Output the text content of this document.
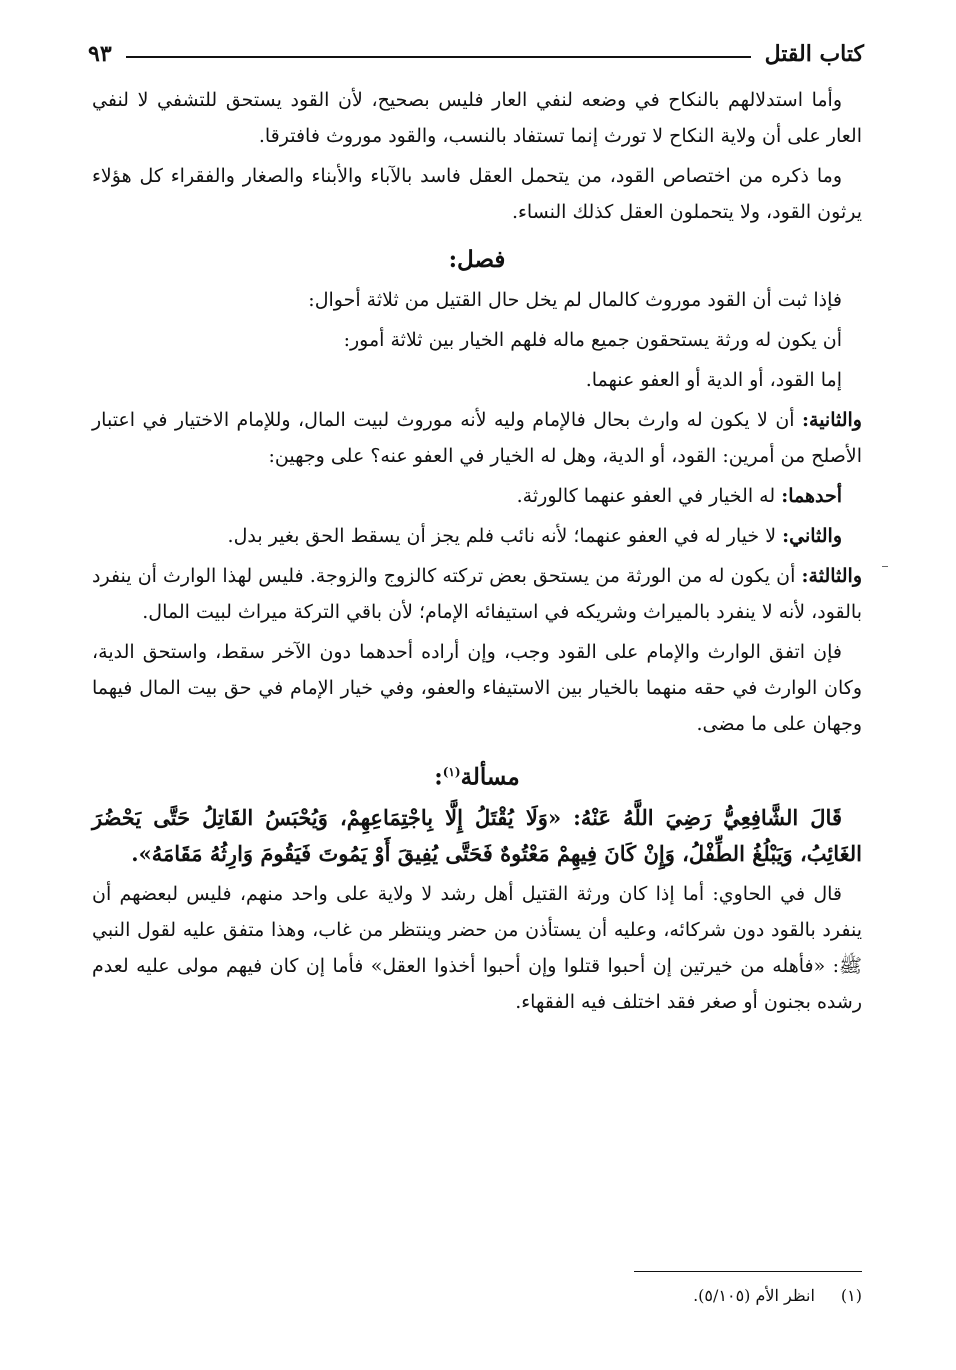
كتاب القتل
٩٣

وأما استدلالهم بالنكاح في وضعه لنفي العار فليس بصحيح، لأن القود يستحق للتشفي لا لنفي العار على أن ولاية النكاح لا تورث إنما تستفاد بالنسب، والقود موروث فافترقا.

وما ذكره من اختصاص القود، من يتحمل العقل فاسد بالآباء والأبناء والصغار والفقراء كل هؤلاء يرثون القود، ولا يتحملون العقل كذلك النساء.

فصل:

فإذا ثبت أن القود موروث كالمال لم يخل حال القتيل من ثلاثة أحوال:

أن يكون له ورثة يستحقون جميع ماله فلهم الخيار بين ثلاثة أمور:

إما القود، أو الدية أو العفو عنهما.

والثانية: أن لا يكون له وارث بحال فالإمام وليه لأنه موروث لبيت المال، وللإمام الاختيار في اعتبار الأصلح من أمرين: القود، أو الدية، وهل له الخيار في العفو عنه؟ على وجهين:

أحدهما: له الخيار في العفو عنهما كالورثة.

والثاني: لا خيار له في العفو عنهما؛ لأنه نائب فلم يجز أن يسقط الحق بغير بدل.

والثالثة: أن يكون له من الورثة من يستحق بعض تركته كالزوج والزوجة. فليس لهذا الوارث أن ينفرد بالقود، لأنه لا ينفرد بالميراث وشريكه في استيفائه الإمام؛ لأن باقي التركة ميراث لبيت المال.

فإن اتفق الوارث والإمام على القود وجب، وإن أراده أحدهما دون الآخر سقط، واستحق الدية، وكان الوارث في حقه منهما بالخيار بين الاستيفاء والعفو، وفي خيار الإمام في حق بيت المال فيهما وجهان على ما مضى.

مسألة$^{(١)}$:

قَالَ الشَّافِعِيُّ رَضِيَ اللَّهُ عَنْهُ: «وَلَا يُقْتَلُ إِلَّا بِاجْتِمَاعِهِمْ، وَيُحْبَسُ القَاتِلُ حَتَّى يَحْضُرَ الغَائِبُ، وَيَبْلُغُ الطِّفْلُ، وَإِنْ كَانَ فِيهِمْ مَعْتُوهٌ فَحَتَّى يُفِيقَ أَوْ يَمُوتَ فَيَقُومَ وَارِثُهُ مَقَامَهُ».

قال في الحاوي: أما إذا كان ورثة القتيل أهل رشد لا ولاية على واحد منهم، فليس لبعضهم أن ينفرد بالقود دون شركائه، وعليه أن يستأذن من حضر وينتظر من غاب، وهذا متفق عليه لقول النبي ﷺ: «فأهله من خيرتين إن أحبوا قتلوا وإن أحبوا أخذوا العقل» فأما إن كان فيهم مولى عليه لعدم رشده بجنون أو صغر فقد اختلف فيه الفقهاء.

(١)
انظر الأم (٥/١٠٥).
